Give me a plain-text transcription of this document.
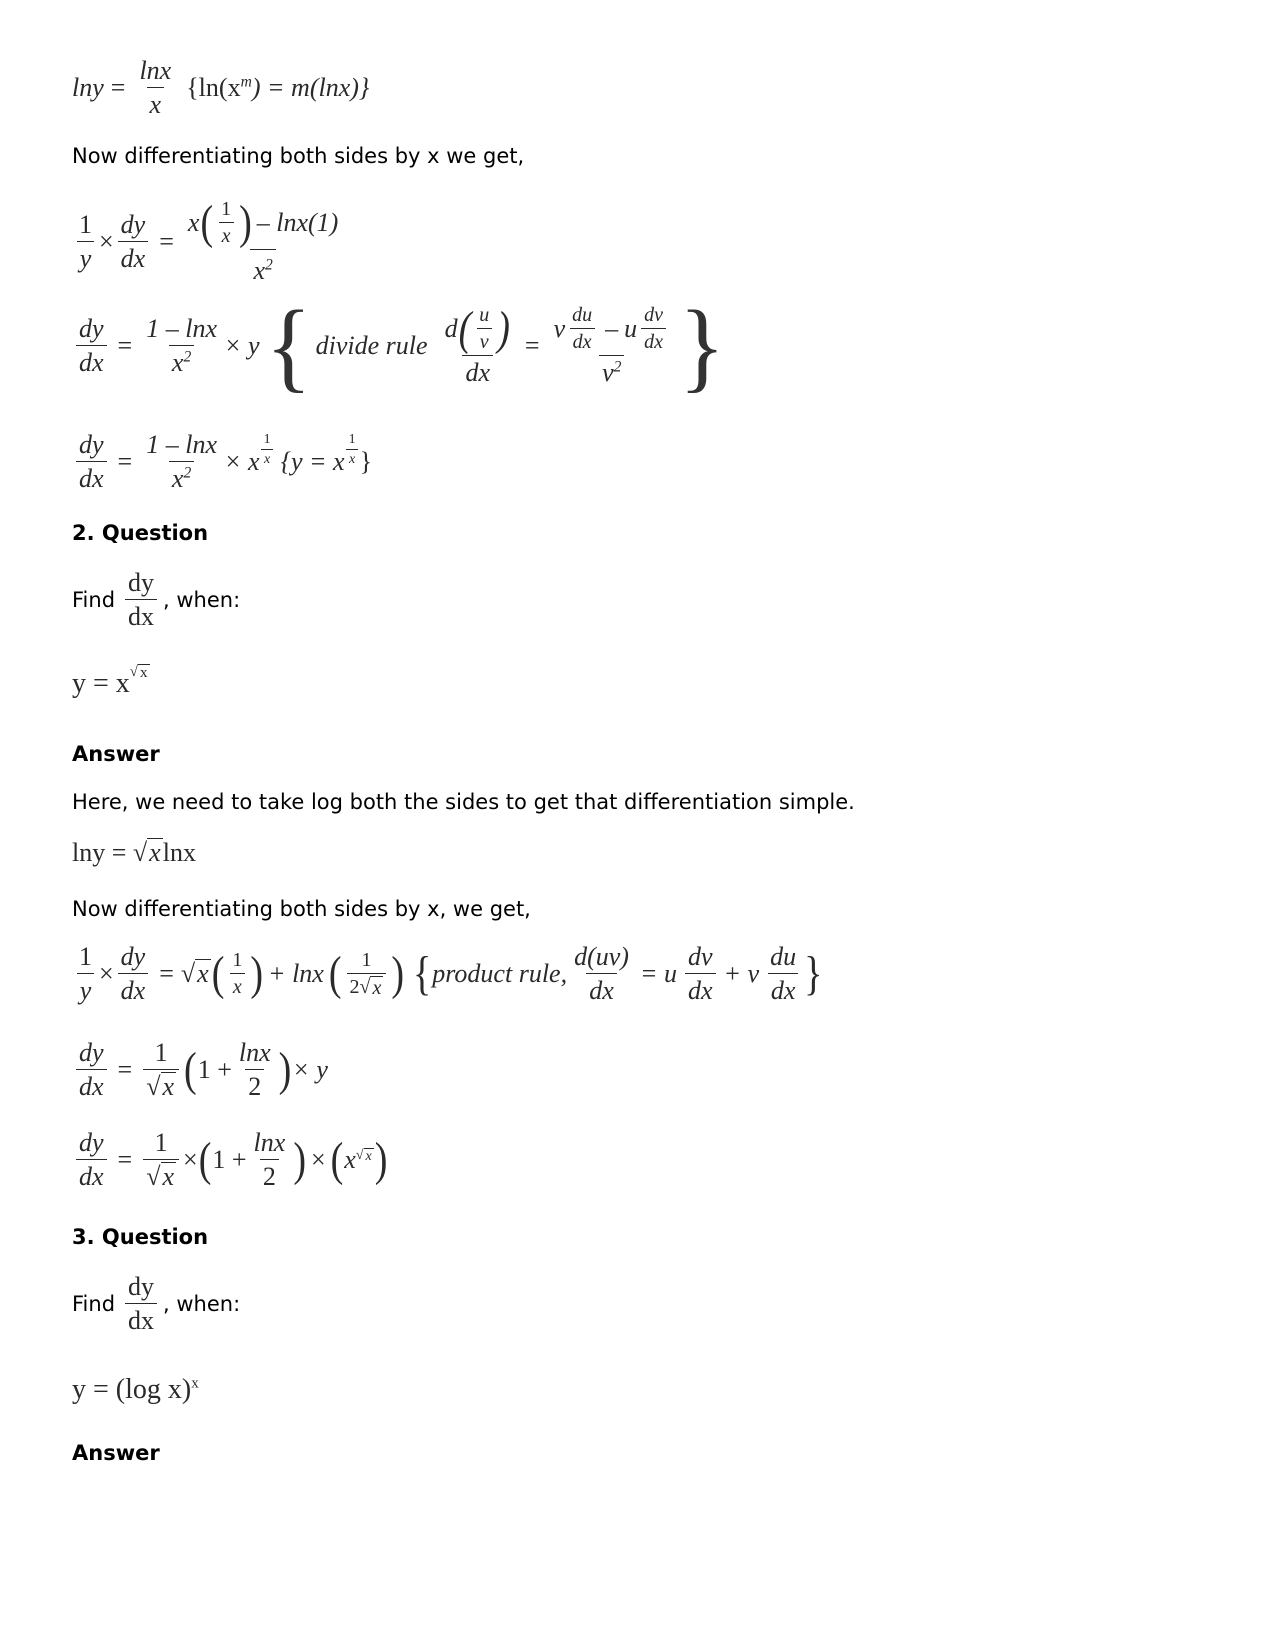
$\ln y = \frac{\ln x}{x} \{\ln(x^m) = m(\ln x)\}$
Now differentiating both sides by x we get,
$\frac{1}{y} \times \frac{dy}{dx} = \frac{x ( \frac{1}{x} ) - \ln x(1)}{x^2}$
$\frac{dy}{dx} = \frac{1 - \ln x}{x^2} \times y$ { divide rule $\frac{d ( \frac{u}{v} )}{dx} = \frac{v \frac{du}{dx} - u \frac{dv}{dx}}{v^2}$ }
$\frac{dy}{dx} = \frac{1 - \ln x}{x^2} \times x \frac{1}{x} \{y = x \frac{1}{x}$ }
2. Question
Find $\frac{dy}{dx}$ , when:
y = x $^{√ x}$
Answer
Here, we need to take log both the sides to get that differentiation simple.
lny = √ x lnx
Now differentiating both sides by x, we get,
$\frac{1}{y} \times \frac{dy}{dx}$ = √ x ( $\frac{1}{x}$ ) + lnx ( $\frac{1}{2 √ x}$ ) { product rule, $\frac{d(uv)}{dx} = u \frac{dv}{dx} + v \frac{du}{dx}$ }
$\frac{dy}{dx} = \frac{1}{√ x}$ ( $1 + \frac{\ln x}{2}$ ) × y
$\frac{dy}{dx} = \frac{1}{√ x}$ × ( $1 + \frac{\ln x}{2}$ ) × ( x $^{√ x}$ )
3. Question
Find $\frac{dy}{dx}$ , when:
y = (log x)$^x$
Answer
